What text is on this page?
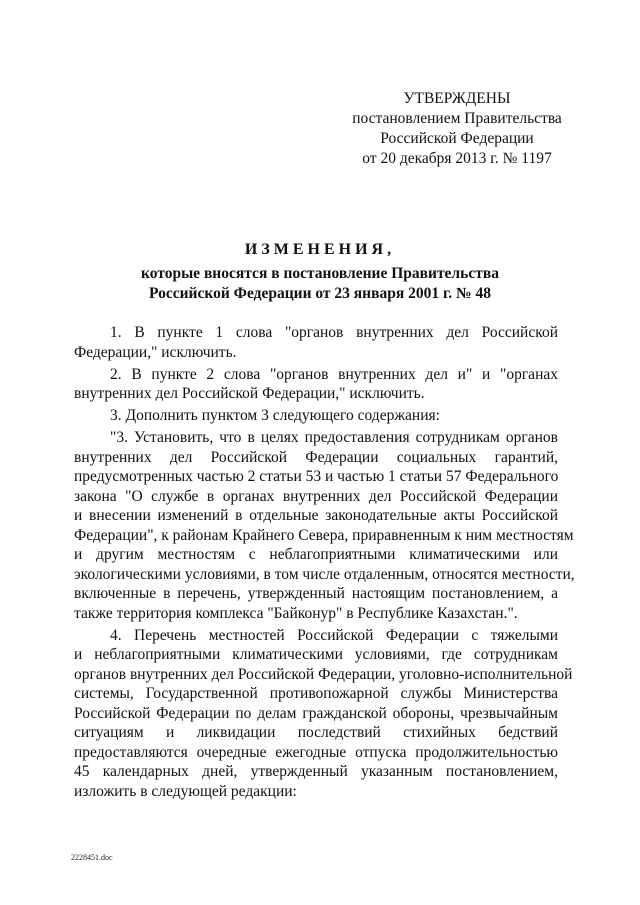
УТВЕРЖДЕНЫ
постановлением Правительства
Российской Федерации
от 20 декабря 2013 г. № 1197
ИЗМЕНЕНИЯ,
которые вносятся в постановление Правительства
Российской Федерации от 23 января 2001 г. № 48
1. В пункте 1 слова "органов внутренних дел Российской
Федерации," исключить.
2. В пункте 2 слова "органов внутренних дел и" и "органах
внутренних дел Российской Федерации," исключить.
3. Дополнить пунктом 3 следующего содержания:
"3. Установить, что в целях предоставления сотрудникам органов
внутренних дел Российской Федерации социальных гарантий,
предусмотренных частью 2 статьи 53 и частью 1 статьи 57 Федерального
закона "О службе в органах внутренних дел Российской Федерации
и внесении изменений в отдельные законодательные акты Российской
Федерации", к районам Крайнего Севера, приравненным к ним местностям
и другим местностям с неблагоприятными климатическими или
экологическими условиями, в том числе отдаленным, относятся местности,
включенные в перечень, утвержденный настоящим постановлением, а
также территория комплекса "Байконур" в Республике Казахстан.".
4. Перечень местностей Российской Федерации с тяжелыми
и неблагоприятными климатическими условиями, где сотрудникам
органов внутренних дел Российской Федерации, уголовно-исполнительной
системы, Государственной противопожарной службы Министерства
Российской Федерации по делам гражданской обороны, чрезвычайным
ситуациям и ликвидации последствий стихийных бедствий
предоставляются очередные ежегодные отпуска продолжительностью
45 календарных дней, утвержденный указанным постановлением,
изложить в следующей редакции:
2228451.doc
